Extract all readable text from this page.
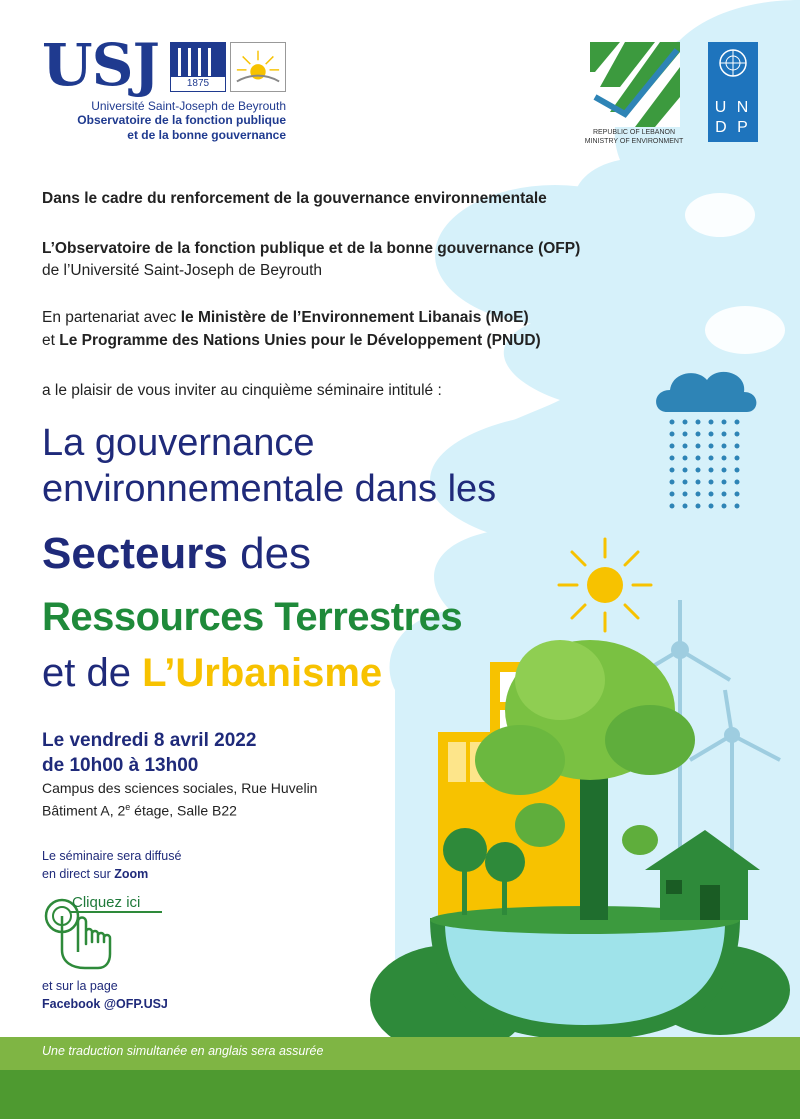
USJ	1875
Université Saint-Joseph de Beyrouth
Observatoire de la fonction publique
et de la bonne gouvernance	REPUBLIC OF LEBANON
MINISTRY OF ENVIRONMENT
U N
D P
Dans le cadre du renforcement de la gouvernance environnementale
L’Observatoire de la fonction publique et de la bonne gouvernance (OFP)
de l’Université Saint-Joseph de Beyrouth
En partenariat avec le Ministère de l’Environnement Libanais (MoE)
et Le Programme des Nations Unies pour le Développement (PNUD)
a le plaisir de vous inviter au cinquième séminaire intitulé :
La gouvernance
environnementale dans les
Secteurs des
Ressources Terrestres
et de L’Urbanisme
Le vendredi 8 avril 2022
de 10h00 à 13h00
Campus des sciences sociales, Rue Huvelin
Bâtiment A, 2e étage, Salle B22
Le séminaire sera diffusé
en direct sur Zoom
Cliquez ici
et sur la page
Facebook @OFP.USJ
Une traduction simultanée en anglais sera assurée
